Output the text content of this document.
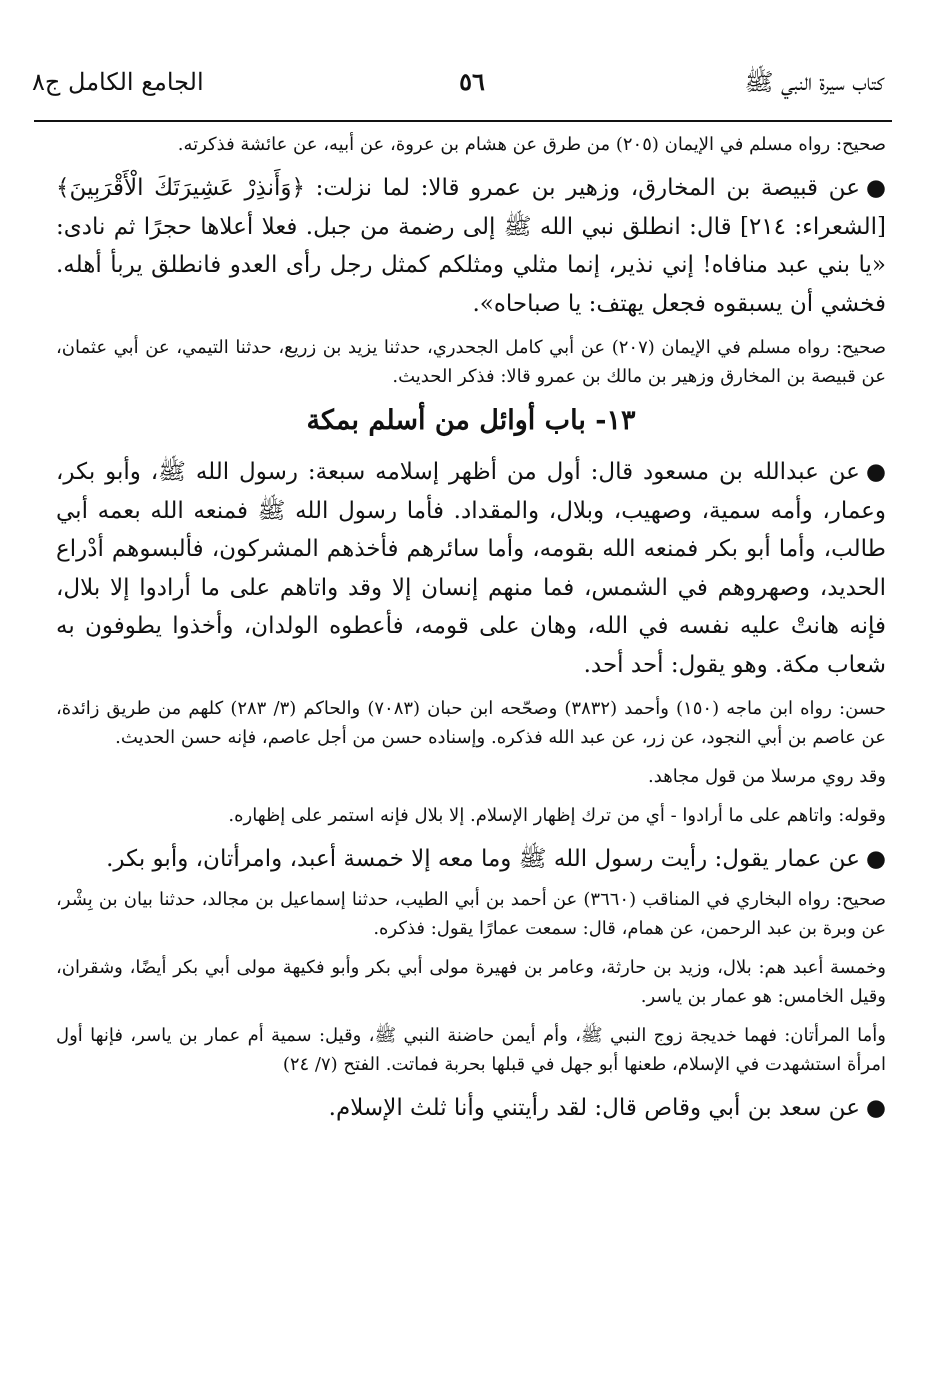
كتاب سيرة النبي ﷺ
٥٦
الجامع الكامل ج٨

صحيح: رواه مسلم في الإيمان (٢٠٥) من طرق عن هشام بن عروة، عن أبيه، عن عائشة فذكرته.

●عن قبيصة بن المخارق، وزهير بن عمرو قالا: لما نزلت: ﴿وَأَنذِرْ عَشِيرَتَكَ الْأَقْرَبِينَ﴾ [الشعراء: ٢١٤] قال: انطلق نبي الله ﷺ إلى رضمة من جبل. فعلا أعلاها حجرًا ثم نادى: «يا بني عبد منافاه! إني نذير، إنما مثلي ومثلكم كمثل رجل رأى العدو فانطلق يربأ أهله. فخشي أن يسبقوه فجعل يهتف: يا صباحاه».

صحيح: رواه مسلم في الإيمان (٢٠٧) عن أبي كامل الجحدري، حدثنا يزيد بن زريع، حدثنا التيمي، عن أبي عثمان، عن قبيصة بن المخارق وزهير بن مالك بن عمرو قالا: فذكر الحديث.

١٣- باب أوائل من أسلم بمكة

●عن عبدالله بن مسعود قال: أول من أظهر إسلامه سبعة: رسول الله ﷺ، وأبو بكر، وعمار، وأمه سمية، وصهيب، وبلال، والمقداد. فأما رسول الله ﷺ فمنعه الله بعمه أبي طالب، وأما أبو بكر فمنعه الله بقومه، وأما سائرهم فأخذهم المشركون، فألبسوهم أدْراع الحديد، وصهروهم في الشمس، فما منهم إنسان إلا وقد واتاهم على ما أرادوا إلا بلال، فإنه هانتْ عليه نفسه في الله، وهان على قومه، فأعطوه الولدان، وأخذوا يطوفون به شعاب مكة. وهو يقول: أحد أحد.

حسن: رواه ابن ماجه (١٥٠) وأحمد (٣٨٣٢) وصحّحه ابن حبان (٧٠٨٣) والحاكم (٣/ ٢٨٣) كلهم من طريق زائدة، عن عاصم بن أبي النجود، عن زر، عن عبد الله فذكره. وإسناده حسن من أجل عاصم، فإنه حسن الحديث.

وقد روي مرسلا من قول مجاهد.

وقوله: واتاهم على ما أرادوا - أي من ترك إظهار الإسلام. إلا بلال فإنه استمر على إظهاره.

●عن عمار يقول: رأيت رسول الله ﷺ وما معه إلا خمسة أعبد، وامرأتان، وأبو بكر.

صحيح: رواه البخاري في المناقب (٣٦٦٠) عن أحمد بن أبي الطيب، حدثنا إسماعيل بن مجالد، حدثنا بيان بن بِشْر، عن وبرة بن عبد الرحمن، عن همام، قال: سمعت عمارًا يقول: فذكره.

وخمسة أعبد هم: بلال، وزيد بن حارثة، وعامر بن فهيرة مولى أبي بكر وأبو فكيهة مولى أبي بكر أيضًا، وشقران، وقيل الخامس: هو عمار بن ياسر.

وأما المرأتان: فهما خديجة زوج النبي ﷺ، وأم أيمن حاضنة النبي ﷺ، وقيل: سمية أم عمار بن ياسر، فإنها أول امرأة استشهدت في الإسلام، طعنها أبو جهل في قبلها بحربة فماتت. الفتح (٧/ ٢٤)

●عن سعد بن أبي وقاص قال: لقد رأيتني وأنا ثلث الإسلام.
